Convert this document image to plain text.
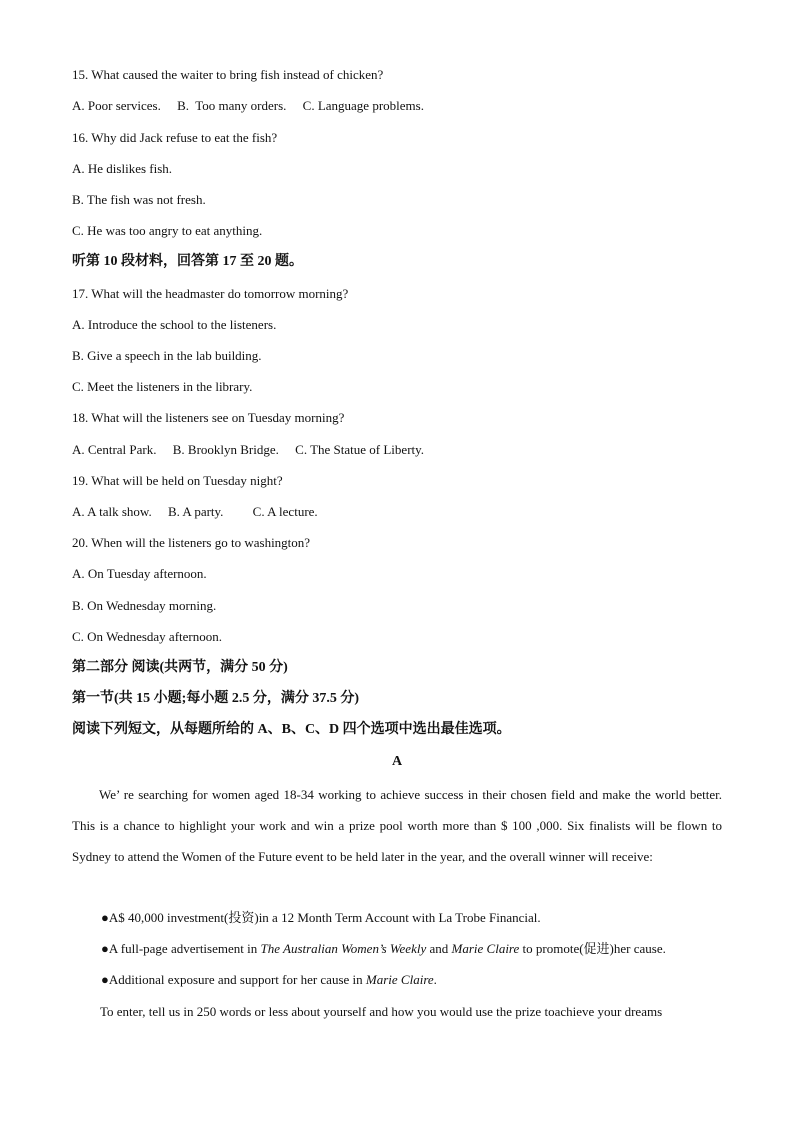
15. What caused the waiter to bring fish instead of chicken?
A. Poor services.     B.  Too many orders.     C. Language problems.
16. Why did Jack refuse to eat the fish?
A. He dislikes fish.
B. The fish was not fresh.
C. He was too angry to eat anything.
听第 10 段材料，回答第 17 至 20 题。
17. What will the headmaster do tomorrow morning?
A. Introduce the school to the listeners.
B. Give a speech in the lab building.
C. Meet the listeners in the library.
18. What will the listeners see on Tuesday morning?
A. Central Park.     B. Brooklyn Bridge.     C. The Statue of Liberty.
19. What will be held on Tuesday night?
A. A talk show.     B. A party.         C. A lecture.
20. When will the listeners go to washington?
A. On Tuesday afternoon.
B. On Wednesday morning.
C. On Wednesday afternoon.
第二部分 阅读(共两节，满分 50 分)
第一节(共 15 小题;每小题 2.5 分，满分 37.5 分)
阅读下列短文，从每题所给的 A、B、C、D 四个选项中选出最佳选项。
A
We’ re searching for women aged 18-34 working to achieve success in their chosen field and make the world better. This is a chance to highlight your work and win a prize pool worth more than $ 100 ,000. Six finalists will be flown to Sydney to attend the Women of the Future event to be held later in the year, and the overall winner will receive:
●A$ 40,000 investment(投资)in a 12 Month Term Account with La Trobe Financial.
●A full-page advertisement in The Australian Women’s Weekly and Marie Claire to promote(促进)her cause.
●Additional exposure and support for her cause in Marie Claire.
To enter, tell us in 250 words or less about yourself and how you would use the prize toachieve your dreams
